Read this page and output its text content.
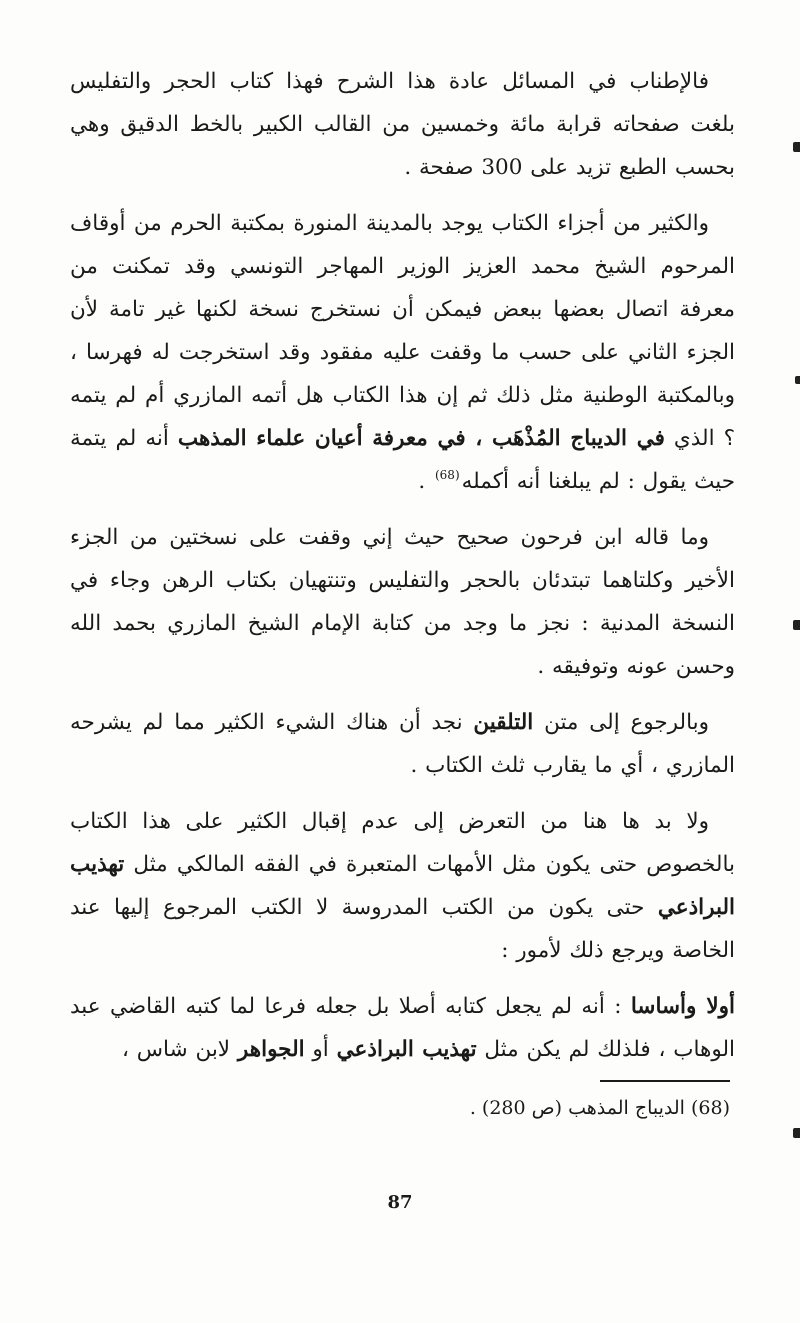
فالإطناب في المسائل عادة هذا الشرح فهذا كتاب الحجر والتفليس بلغت صفحاته قرابة مائة وخمسين من القالب الكبير بالخط الدقيق وهي بحسب الطبع تزيد على 300 صفحة .

والكثير من أجزاء الكتاب يوجد بالمدينة المنورة بمكتبة الحرم من أوقاف المرحوم الشيخ محمد العزيز الوزير المهاجر التونسي وقد تمكنت من معرفة اتصال بعضها ببعض فيمكن أن نستخرج نسخة لكنها غير تامة لأن الجزء الثاني على حسب ما وقفت عليه مفقود وقد استخرجت له فهرسا ، وبالمكتبة الوطنية مثل ذلك ثم إن هذا الكتاب هل أتمه المازري أم لم يتمه ؟ الذي في الديباج المُذْهَب ، في معرفة أعيان علماء المذهب أنه لم يتمة حيث يقول : لم يبلغنا أنه أكمله$^{(68)}$ .

وما قاله ابن فرحون صحيح حيث إني وقفت على نسختين من الجزء الأخير وكلتاهما تبتدئان بالحجر والتفليس وتنتهيان بكتاب الرهن وجاء في النسخة المدنية : نجز ما وجد من كتابة الإمام الشيخ المازري بحمد الله وحسن عونه وتوفيقه .

وبالرجوع إلى متن التلقين نجد أن هناك الشيء الكثير مما لم يشرحه المازري ، أي ما يقارب ثلث الكتاب .

ولا بد ها هنا من التعرض إلى عدم إقبال الكثير على هذا الكتاب بالخصوص حتى يكون مثل الأمهات المتعبرة في الفقه المالكي مثل تهذيب البراذعي حتى يكون من الكتب المدروسة لا الكتب المرجوع إليها عند الخاصة ويرجع ذلك لأمور :

أولا وأساسا : أنه لم يجعل كتابه أصلا بل جعله فرعا لما كتبه القاضي عبد الوهاب ، فلذلك لم يكن مثل تهذيب البراذعي أو الجواهر لابن شاس ،

(68) الديباج المذهب (ص 280) .
87
